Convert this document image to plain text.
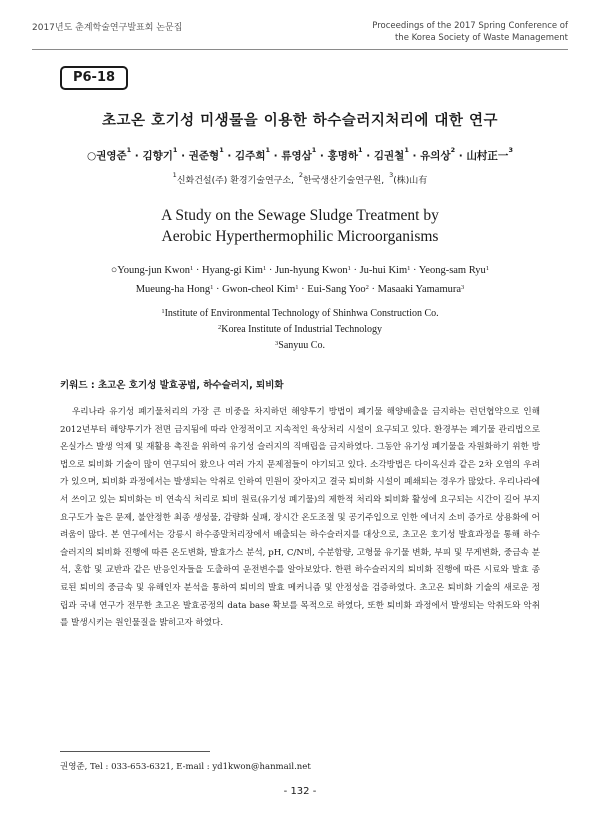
2017년도 춘계학술연구발표회 논문집	Proceedings of the 2017 Spring Conference of
the Korea Society of Waste Management
P6-18
초고온 호기성 미생물을 이용한 하수슬러지처리에 대한 연구
○권영준$^1$ · 김향기$^1$ · 권준형$^1$ · 김주희$^1$ · 류영삼$^1$ · 홍명하$^1$ · 김권철$^1$ · 유의상$^2$ · 山村正一$^3$
$^1$신화건설(주) 환경기술연구소,$^2$한국생산기술연구원,$^3$(株)山有
A Study on the Sewage Sludge Treatment by
Aerobic Hyperthermophilic Microorganisms
○Young-jun Kwon$^1$ · Hyang-gi Kim$^1$ · Jun-hyung Kwon$^1$ · Ju-hui Kim$^1$ · Yeong-sam Ryu$^1$
Mueung-ha Hong$^1$ · Gwon-cheol Kim$^1$ · Eui-Sang Yoo$^2$ · Masaaki Yamamura$^3$
$^1$Institute of Environmental Technology of Shinhwa Construction Co.
$^2$Korea Institute of Industrial Technology
$^3$Sanyuu Co.
키워드 : 초고온 호기성 발효공법, 하수슬러지, 퇴비화

우리나라 유기성 폐기물처리의 가장 큰 비중을 차지하던 해양투기 방법이 폐기물 해양배출을 금지하는 런던협약으로 인해 2012년부터 해양투기가 전면 금지됨에 따라 안정적이고 지속적인 육상처리 시설이 요구되고 있다. 환경부는 폐기물 관리법으로 온실가스 발생 억제 및 재활용 촉진을 위하여 유기성 슬러지의 직매립을 금지하였다. 그동안 유기성 폐기물을 자원화하기 위한 방법으로 퇴비화 기술이 많이 연구되어 왔으나 여러 가지 문제점들이 야기되고 있다. 소각방법은 다이옥신과 같은 2차 오염의 우려가 있으며, 퇴비화 과정에서는 발생되는 악취로 인하여 민원이 잦아지고 결국 퇴비화 시설이 폐쇄되는 경우가 많았다. 우리나라에서 쓰이고 있는 퇴비화는 비 연속식 처리로 퇴비 원료(유기성 폐기물)의 제한적 처리와 퇴비화 활성에 요구되는 시간이 길어 부지 요구도가 높은 문제, 불안정한 최종 생성물, 감량화 실패, 장시간 온도조절 및 공기주입으로 인한 에너지 소비 증가로 상용화에 어려움이 많다. 본 연구에서는 강릉시 하수종말처리장에서 배출되는 하수슬러지를 대상으로, 초고온 호기성 발효과정을 통해 하수슬러지의 퇴비화 진행에 따른 온도변화, 발효가스 분석, pH, C/N비, 수분함량, 고형물 유기물 변화, 부피 및 무게변화, 중금속 분석, 혼합 및 교반과 같은 반응인자들을 도출하여 운전변수를 알아보았다. 한편 하수슬러지의 퇴비화 진행에 따른 시료와 발효 종료된 퇴비의 중금속 및 유해인자 분석을 통하여 퇴비의 발효 메커니즘 및 안정성을 검증하였다. 초고온 퇴비화 기술의 새로운 정립과 국내 연구가 전무한 초고온 발효공정의 data base 확보를 목적으로 하였다, 또한 퇴비화 과정에서 발생되는 악취도와 악취를 발생시키는 원인물질을 밝히고자 하였다.

권영준, Tel : 033-653-6321, E-mail : yd1kwon@hanmail.net
- 132 -
